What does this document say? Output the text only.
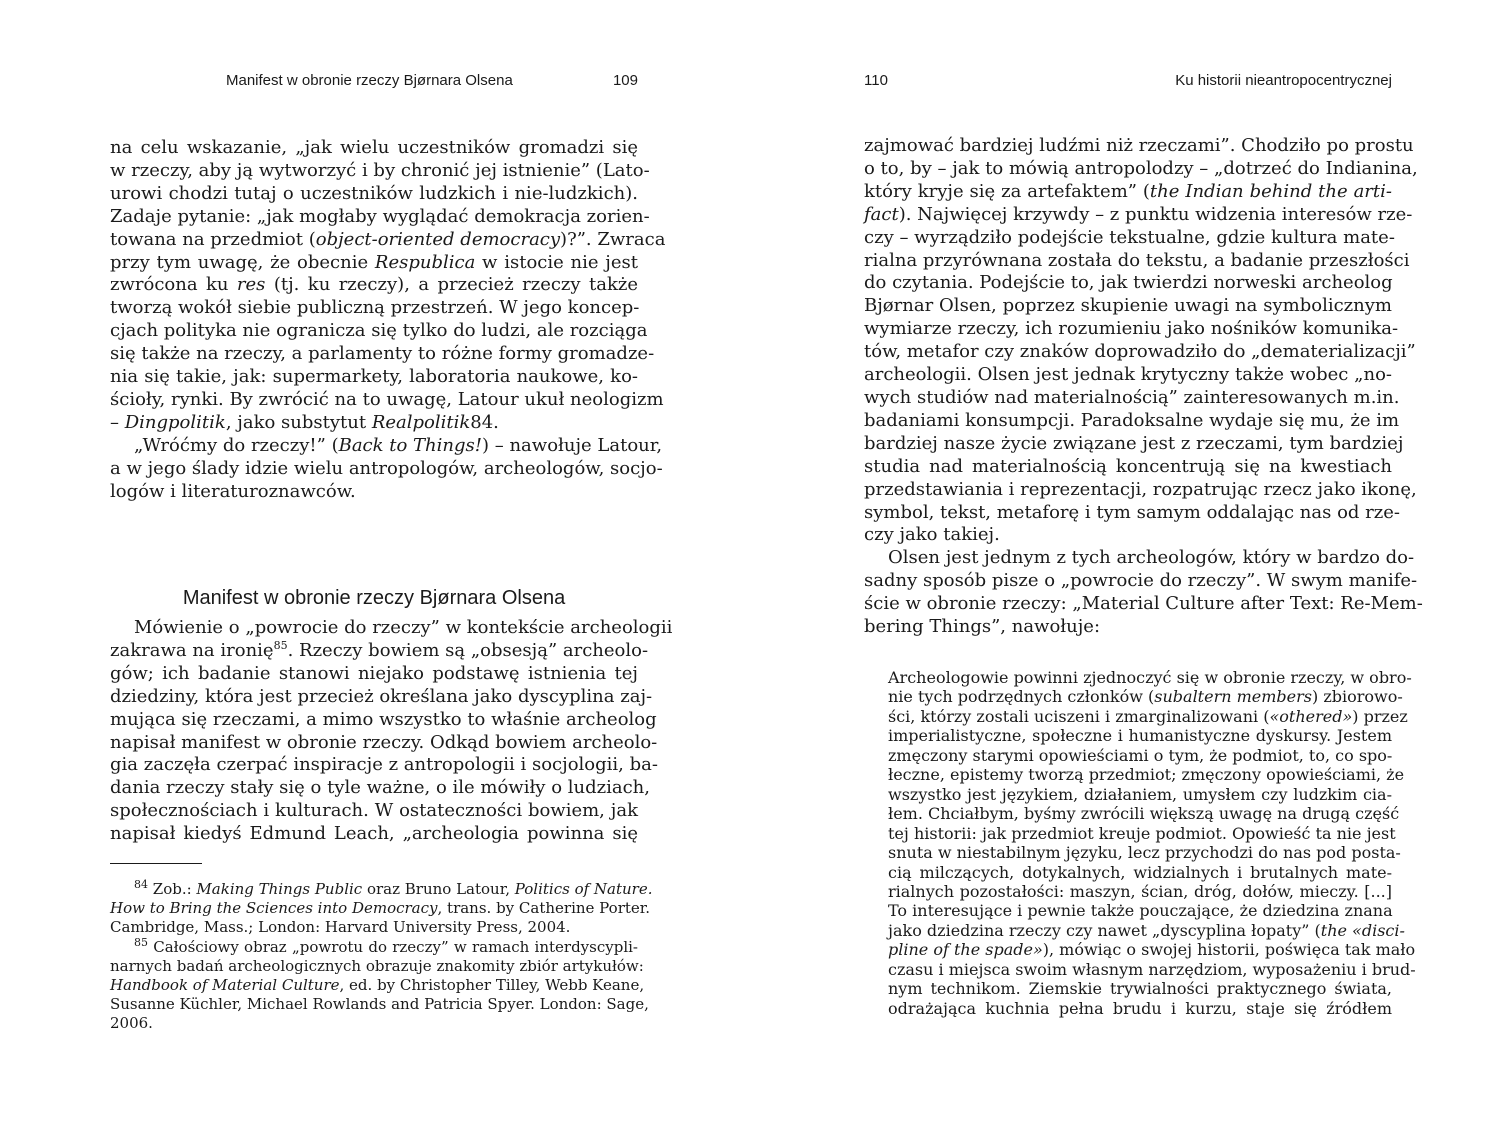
Manifest w obronie rzeczy Bjørnara Olsena	109

na celu wskazanie, „jak wielu uczestników gromadzi się
w rzeczy, aby ją wytworzyć i by chronić jej istnienie” (Lato-
urowi chodzi tutaj o uczestników ludzkich i nie-ludzkich).
Zadaje pytanie: „jak mogłaby wyglądać demokracja zorien-
towana na przedmiot (object-oriented democracy)?”. Zwraca
przy tym uwagę, że obecnie Respublica w istocie nie jest
zwrócona ku res (tj. ku rzeczy), a przecież rzeczy także
tworzą wokół siebie publiczną przestrzeń. W jego koncep-
cjach polityka nie ogranicza się tylko do ludzi, ale rozciąga
się także na rzeczy, a parlamenty to różne formy gromadze-
nia się takie, jak: supermarkety, laboratoria naukowe, ko-
ścioły, rynki. By zwrócić na to uwagę, Latour ukuł neologizm
– Dingpolitik, jako substytut Realpolitik84.

„Wróćmy do rzeczy!” (Back to Things!) – nawołuje Latour,
a w jego ślady idzie wielu antropologów, archeologów, socjo-
logów i literaturoznawców.

Manifest w obronie rzeczy Bjørnara Olsena

Mówienie o „powrocie do rzeczy” w kontekście archeologii
zakrawa na ironię$^{85}$. Rzeczy bowiem są „obsesją” archeolo-
gów; ich badanie stanowi niejako podstawę istnienia tej
dziedziny, która jest przecież określana jako dyscyplina zaj-
mująca się rzeczami, a mimo wszystko to właśnie archeolog
napisał manifest w obronie rzeczy. Odkąd bowiem archeolo-
gia zaczęła czerpać inspiracje z antropologii i socjologii, ba-
dania rzeczy stały się o tyle ważne, o ile mówiły o ludziach,
społecznościach i kulturach. W ostateczności bowiem, jak
napisał kiedyś Edmund Leach, „archeologia powinna się

$^{84}$ Zob.: Making Things Public oraz Bruno Latour, Politics of Nature.
How to Bring the Sciences into Democracy, trans. by Catherine Porter.
Cambridge, Mass.; London: Harvard University Press, 2004.
$^{85}$ Całościowy obraz „powrotu do rzeczy” w ramach interdyscypli-
narnych badań archeologicznych obrazuje znakomity zbiór artykułów:
Handbook of Material Culture, ed. by Christopher Tilley, Webb Keane,
Susanne Küchler, Michael Rowlands and Patricia Spyer. London: Sage,
2006.
110	Ku historii nieantropocentrycznej

zajmować bardziej ludźmi niż rzeczami”. Chodziło po prostu
o to, by – jak to mówią antropolodzy – „dotrzeć do Indianina,
który kryje się za artefaktem” (the Indian behind the arti-
fact). Najwięcej krzywdy – z punktu widzenia interesów rze-
czy – wyrządziło podejście tekstualne, gdzie kultura mate-
rialna przyrównana została do tekstu, a badanie przeszłości
do czytania. Podejście to, jak twierdzi norweski archeolog
Bjørnar Olsen, poprzez skupienie uwagi na symbolicznym
wymiarze rzeczy, ich rozumieniu jako nośników komunika-
tów, metafor czy znaków doprowadziło do „dematerializacji”
archeologii. Olsen jest jednak krytyczny także wobec „no-
wych studiów nad materialnością” zainteresowanych m.in.
badaniami konsumpcji. Paradoksalne wydaje się mu, że im
bardziej nasze życie związane jest z rzeczami, tym bardziej
studia nad materialnością koncentrują się na kwestiach
przedstawiania i reprezentacji, rozpatrując rzecz jako ikonę,
symbol, tekst, metaforę i tym samym oddalając nas od rze-
czy jako takiej.

Olsen jest jednym z tych archeologów, który w bardzo do-
sadny sposób pisze o „powrocie do rzeczy”. W swym manife-
ście w obronie rzeczy: „Material Culture after Text: Re-Mem-
bering Things”, nawołuje:

Archeologowie powinni zjednoczyć się w obronie rzeczy, w obro-
nie tych podrzędnych członków (subaltern members) zbiorowo-
ści, którzy zostali uciszeni i zmarginalizowani («othered») przez
imperialistyczne, społeczne i humanistyczne dyskursy. Jestem
zmęczony starymi opowieściami o tym, że podmiot, to, co spo-
łeczne, epistemy tworzą przedmiot; zmęczony opowieściami, że
wszystko jest językiem, działaniem, umysłem czy ludzkim cia-
łem. Chciałbym, byśmy zwrócili większą uwagę na drugą część
tej historii: jak przedmiot kreuje podmiot. Opowieść ta nie jest
snuta w niestabilnym języku, lecz przychodzi do nas pod posta-
cią milczących, dotykalnych, widzialnych i brutalnych mate-
rialnych pozostałości: maszyn, ścian, dróg, dołów, mieczy. [...]
To interesujące i pewnie także pouczające, że dziedzina znana
jako dziedzina rzeczy czy nawet „dyscyplina łopaty” (the «disci-
pline of the spade»), mówiąc o swojej historii, poświęca tak mało
czasu i miejsca swoim własnym narzędziom, wyposażeniu i brud-
nym technikom. Ziemskie trywialności praktycznego świata,
odrażająca kuchnia pełna brudu i kurzu, staje się źródłem
